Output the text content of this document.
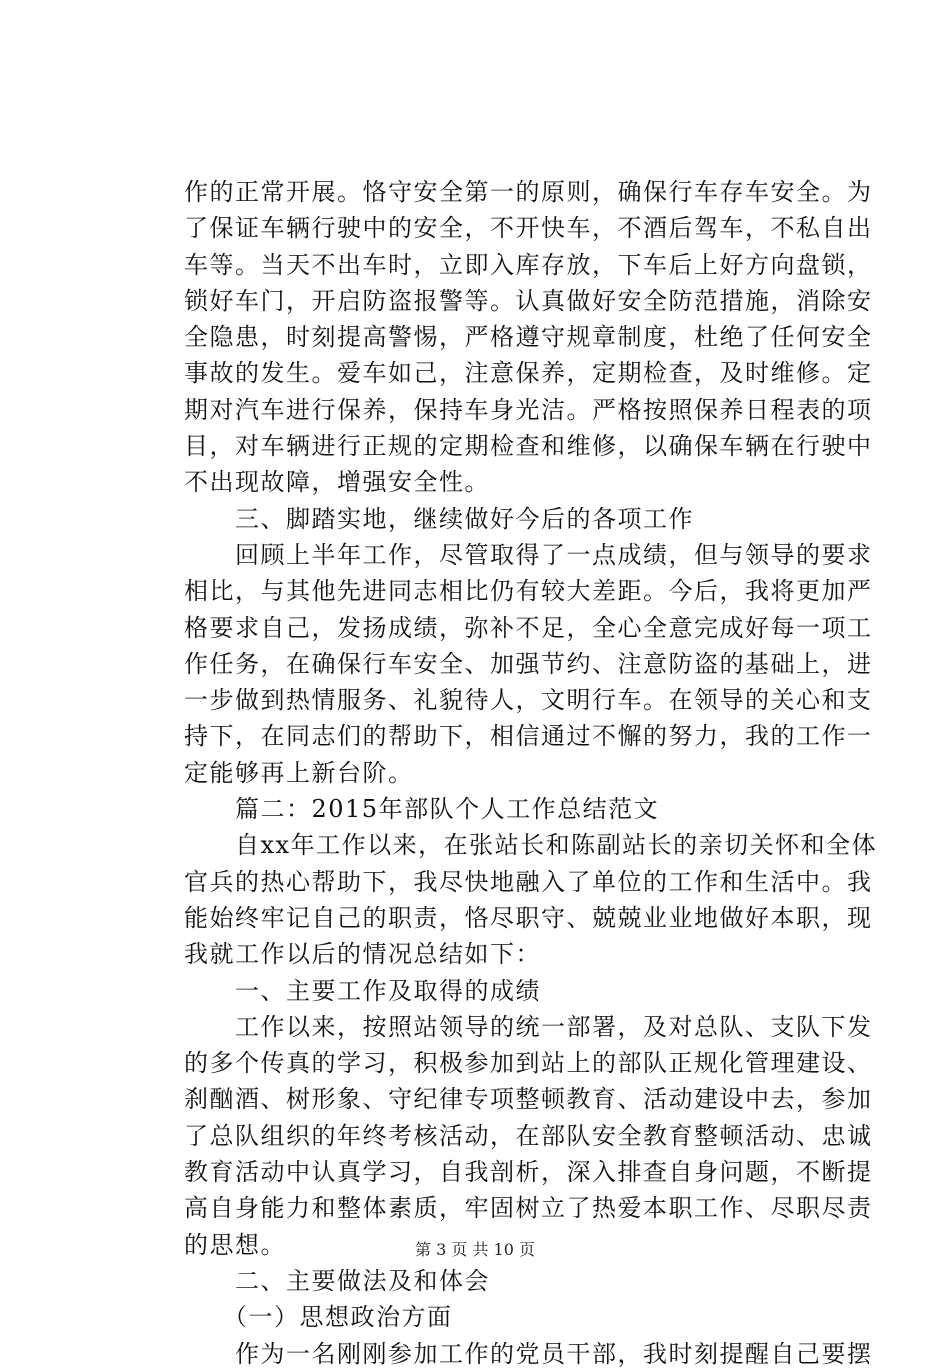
作的正常开展。恪守安全第一的原则，确保行车存车安全。为
了保证车辆行驶中的安全，不开快车，不酒后驾车，不私自出
车等。当天不出车时，立即入库存放，下车后上好方向盘锁，
锁好车门，开启防盗报警等。认真做好安全防范措施，消除安
全隐患，时刻提高警惕，严格遵守规章制度，杜绝了任何安全
事故的发生。爱车如己，注意保养，定期检查，及时维修。定
期对汽车进行保养，保持车身光洁。严格按照保养日程表的项
目，对车辆进行正规的定期检查和维修，以确保车辆在行驶中
不出现故障，增强安全性。
　　三、脚踏实地，继续做好今后的各项工作
　　回顾上半年工作，尽管取得了一点成绩，但与领导的要求
相比，与其他先进同志相比仍有较大差距。今后，我将更加严
格要求自己，发扬成绩，弥补不足，全心全意完成好每一项工
作任务，在确保行车安全、加强节约、注意防盗的基础上，进
一步做到热情服务、礼貌待人，文明行车。在领导的关心和支
持下，在同志们的帮助下，相信通过不懈的努力，我的工作一
定能够再上新台阶。
　　篇二：2015年部队个人工作总结范文
　　自xx年工作以来，在张站长和陈副站长的亲切关怀和全体
官兵的热心帮助下，我尽快地融入了单位的工作和生活中。我
能始终牢记自己的职责，恪尽职守、兢兢业业地做好本职，现
我就工作以后的情况总结如下：
　　一、主要工作及取得的成绩
　　工作以来，按照站领导的统一部署，及对总队、支队下发
的多个传真的学习，积极参加到站上的部队正规化管理建设、
刹酗酒、树形象、守纪律专项整顿教育、活动建设中去，参加
了总队组织的年终考核活动，在部队安全教育整顿活动、忠诚
教育活动中认真学习，自我剖析，深入排查自身问题，不断提
高自身能力和整体素质，牢固树立了热爱本职工作、尽职尽责
的思想。
　　二、主要做法及和体会
　　（一）思想政治方面
　　作为一名刚刚参加工作的党员干部，我时刻提醒自己要摆
第 3 页 共 10 页
